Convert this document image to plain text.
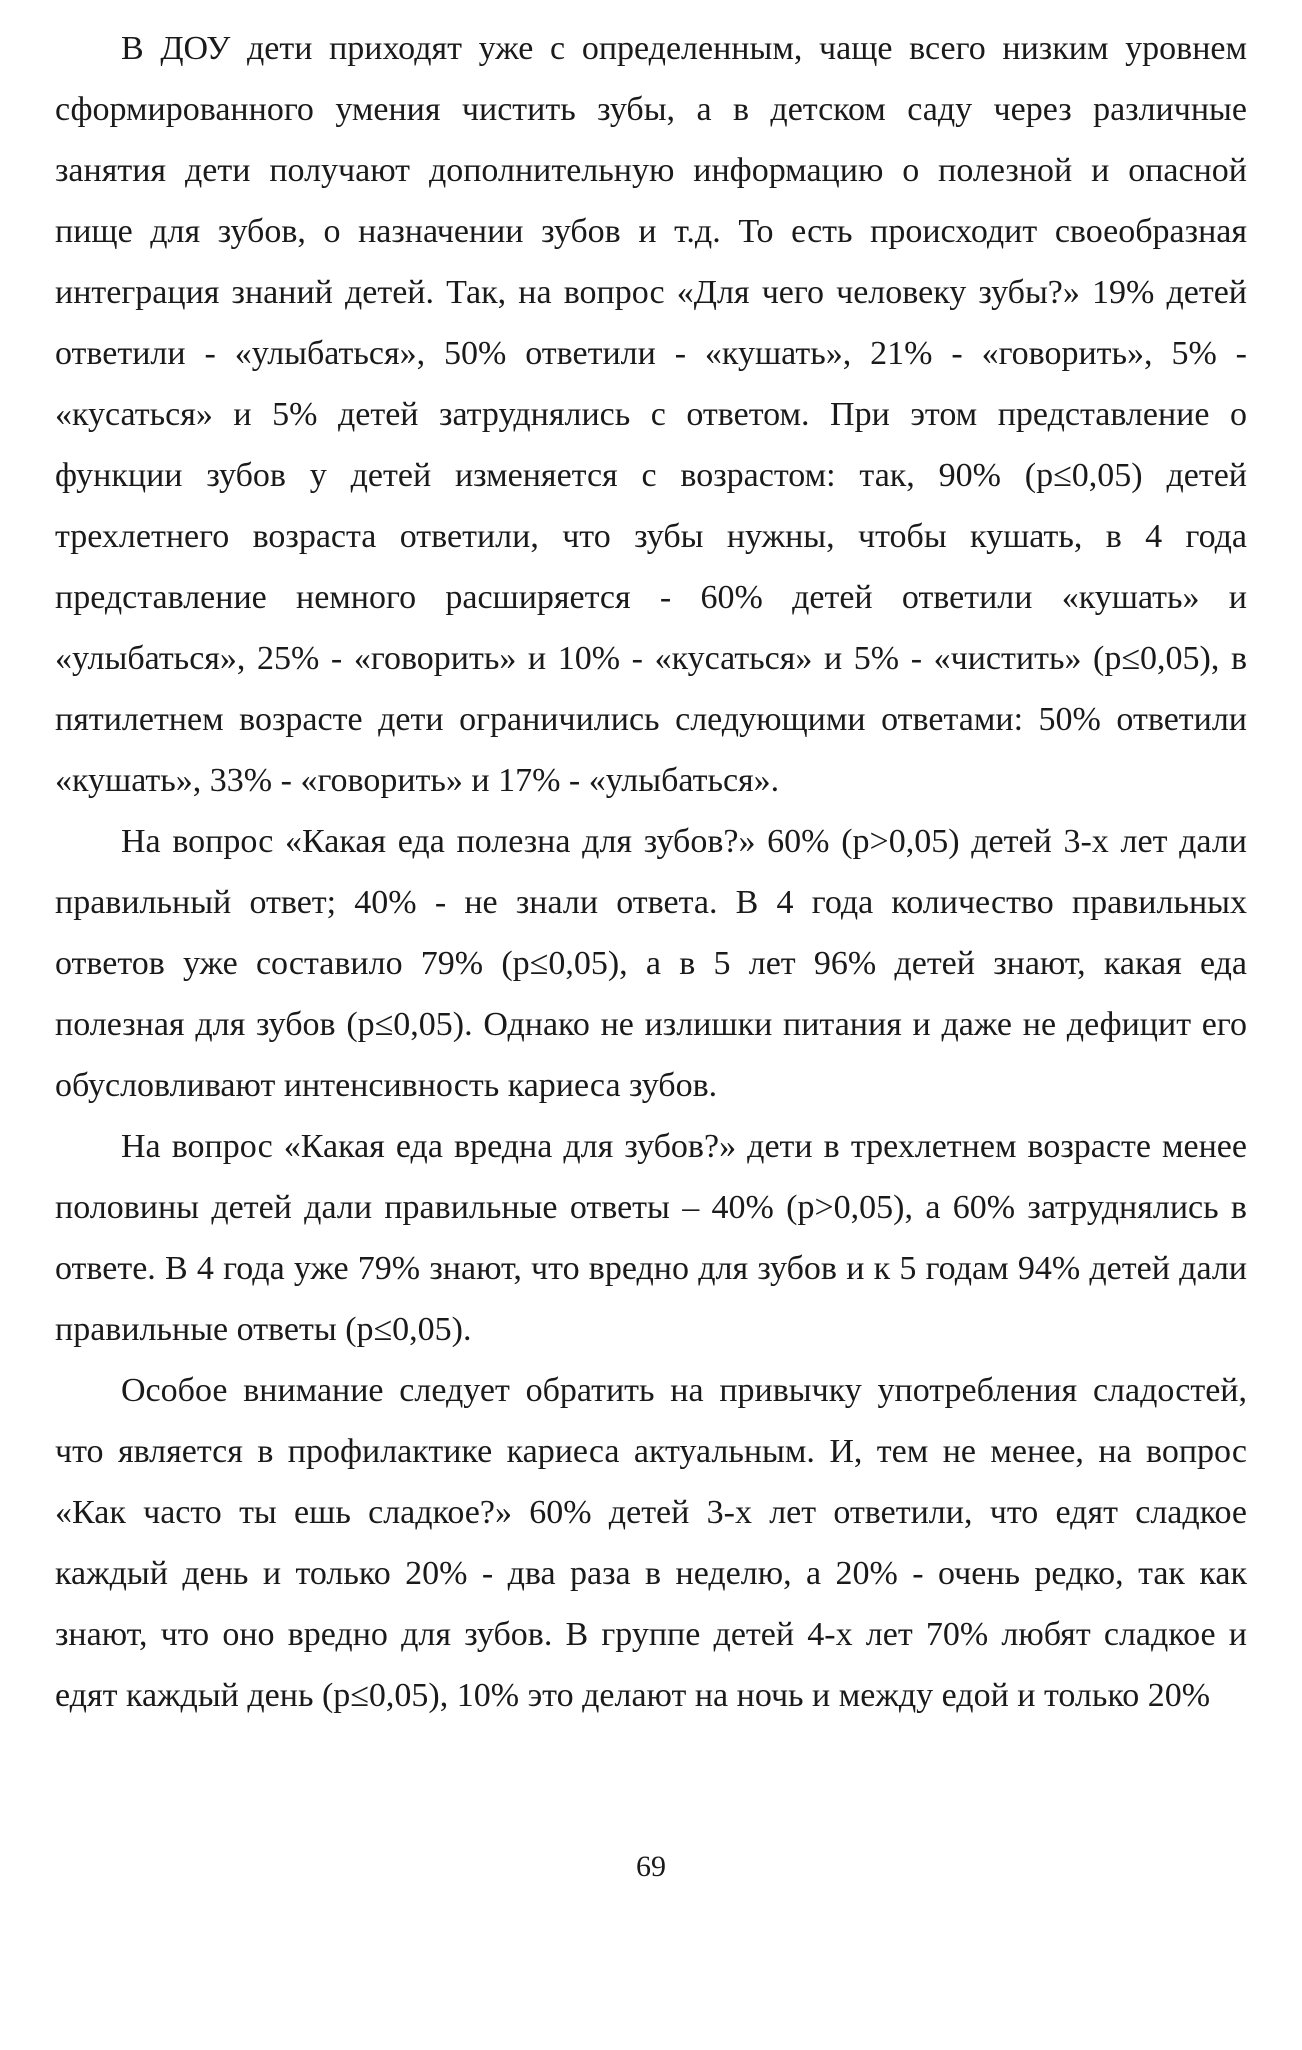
В ДОУ дети приходят уже с определенным, чаще всего низким уровнем сформированного умения чистить зубы, а в детском саду через различные занятия дети получают дополнительную информацию о полезной и опасной пище для зубов, о назначении зубов и т.д. То есть происходит своеобразная интеграция знаний детей. Так, на вопрос «Для чего человеку зубы?» 19% детей ответили - «улыбаться», 50% ответили - «кушать», 21% - «говорить», 5% - «кусаться» и 5% детей затруднялись с ответом. При этом представление о функции зубов у детей изменяется с возрастом: так, 90% (p≤0,05) детей трехлетнего возраста ответили, что зубы нужны, чтобы кушать, в 4 года представление немного расширяется - 60% детей ответили «кушать» и «улыбаться», 25% - «говорить» и 10% - «кусаться» и 5% - «чистить» (p≤0,05), в пятилетнем возрасте дети ограничились следующими ответами: 50% ответили «кушать», 33% - «говорить» и 17% - «улыбаться».

На вопрос «Какая еда полезна для зубов?» 60% (p>0,05) детей 3-х лет дали правильный ответ; 40% - не знали ответа. В 4 года количество правильных ответов уже составило 79% (p≤0,05), а в 5 лет 96% детей знают, какая еда полезная для зубов (p≤0,05). Однако не излишки питания и даже не дефицит его обусловливают интенсивность кариеса зубов.

На вопрос «Какая еда вредна для зубов?» дети в трехлетнем возрасте менее половины детей дали правильные ответы – 40% (p>0,05), а 60% затруднялись в ответе. В 4 года уже 79% знают, что вредно для зубов и к 5 годам 94% детей дали правильные ответы (p≤0,05).

Особое внимание следует обратить на привычку употребления сладостей, что является в профилактике кариеса актуальным. И, тем не менее, на вопрос «Как часто ты ешь сладкое?» 60% детей 3-х лет ответили, что едят сладкое каждый день и только 20% - два раза в неделю, а 20% - очень редко, так как знают, что оно вредно для зубов. В группе детей 4-х лет 70% любят сладкое и едят каждый день (p≤0,05), 10% это делают на ночь и между едой и только 20%

69
